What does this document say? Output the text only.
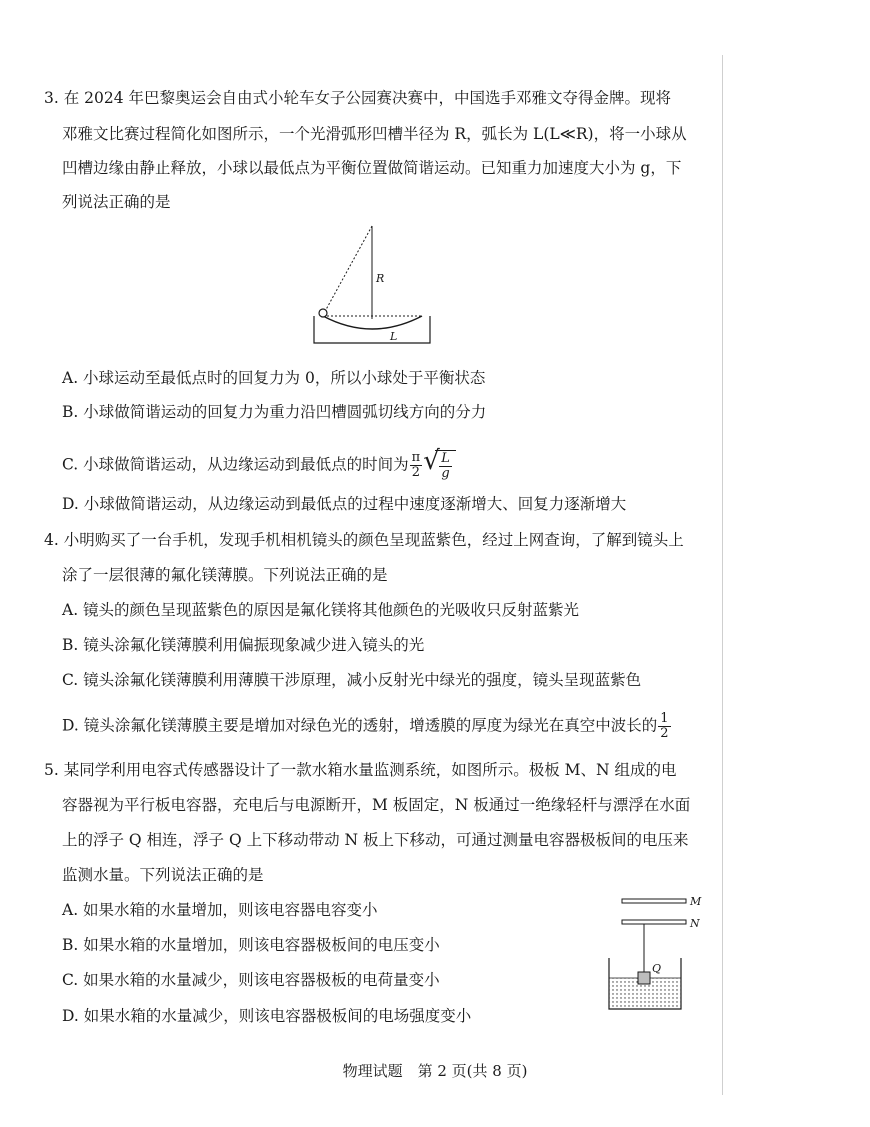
3. 在 2024 年巴黎奥运会自由式小轮车女子公园赛决赛中，中国选手邓雅文夺得金牌。现将
邓雅文比赛过程简化如图所示，一个光滑弧形凹槽半径为 R，弧长为 L(L≪R)，将一小球从
凹槽边缘由静止释放，小球以最低点为平衡位置做简谐运动。已知重力加速度大小为 g，下
列说法正确的是
R
L
A. 小球运动至最低点时的回复力为 0，所以小球处于平衡状态
B. 小球做简谐运动的回复力为重力沿凹槽圆弧切线方向的分力
C. 小球做简谐运动，从边缘运动到最低点的时间为 $\frac{\pi}{2}$ √ $\frac{L}{g}$
D. 小球做简谐运动，从边缘运动到最低点的过程中速度逐渐增大、回复力逐渐增大
4. 小明购买了一台手机，发现手机相机镜头的颜色呈现蓝紫色，经过上网查询，了解到镜头上
涂了一层很薄的氟化镁薄膜。下列说法正确的是
A. 镜头的颜色呈现蓝紫色的原因是氟化镁将其他颜色的光吸收只反射蓝紫光
B. 镜头涂氟化镁薄膜利用偏振现象减少进入镜头的光
C. 镜头涂氟化镁薄膜利用薄膜干涉原理，减小反射光中绿光的强度，镜头呈现蓝紫色
D. 镜头涂氟化镁薄膜主要是增加对绿色光的透射，增透膜的厚度为绿光在真空中波长的 $\frac{1}{2}$
5. 某同学利用电容式传感器设计了一款水箱水量监测系统，如图所示。极板 M、N 组成的电
容器视为平行板电容器，充电后与电源断开，M 板固定，N 板通过一绝缘轻杆与漂浮在水面
上的浮子 Q 相连，浮子 Q 上下移动带动 N 板上下移动，可通过测量电容器极板间的电压来
监测水量。下列说法正确的是
A. 如果水箱的水量增加，则该电容器电容变小
B. 如果水箱的水量增加，则该电容器极板间的电压变小
C. 如果水箱的水量减少，则该电容器极板的电荷量变小
D. 如果水箱的水量减少，则该电容器极板间的电场强度变小
M
N
Q
物理试题　第 2 页(共 8 页)
